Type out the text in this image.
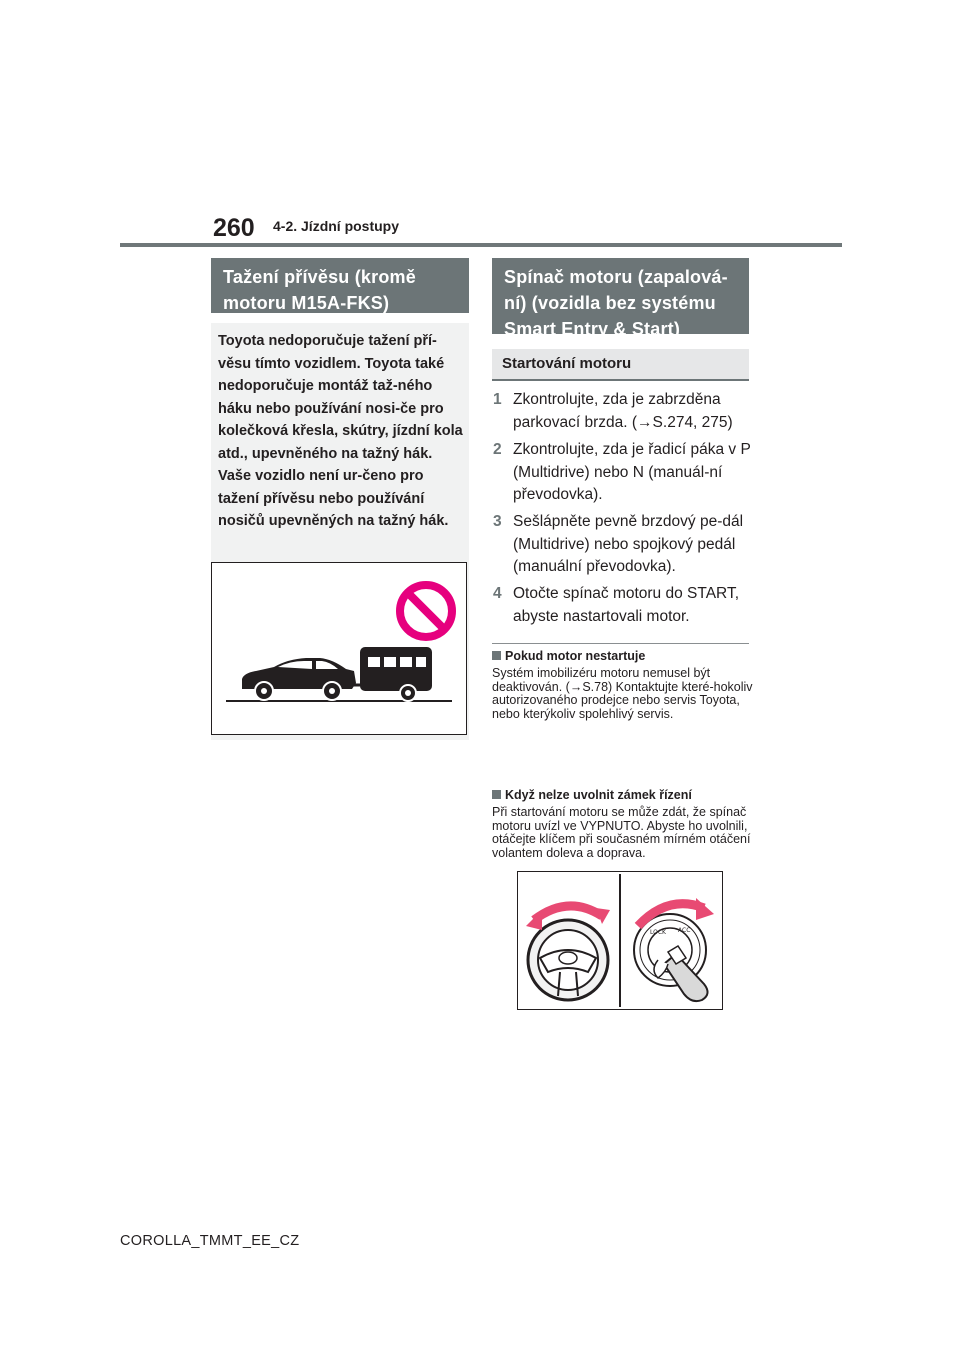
260 4-2. Jízdní postupy
Tažení přívěsu (kromě motoru M15A-FKS)
Toyota nedoporučuje tažení pří-věsu tímto vozidlem. Toyota také nedoporučuje montáž taž-ného háku nebo používání nosi-če pro kolečková křesla, skútry, jízdní kola atd., upevněného na tažný hák. Vaše vozidlo není ur-čeno pro tažení přívěsu nebo používání nosičů upevněných na tažný hák.
Spínač motoru (zapalová-ní) (vozidla bez systému Smart Entry & Start)
Startování motoru
1 Zkontrolujte, zda je zabrzděna parkovací brzda. (→S.274, 275)
2 Zkontrolujte, zda je řadicí páka v P (Multidrive) nebo N (manuál-ní převodovka).
3 Sešlápněte pevně brzdový pe-dál (Multidrive) nebo spojkový pedál (manuální převodovka).
4 Otočte spínač motoru do START, abyste nastartovali motor.
Pokud motor nestartuje
Systém imobilizéru motoru nemusel být deaktivován. (→S.78) Kontaktujte které-hokoliv autorizovaného prodejce nebo servis Toyota, nebo kterýkoliv spolehlivý servis.
Když nelze uvolnit zámek řízení
Při startování motoru se může zdát, že spínač motoru uvízl ve VYPNUTO. Abyste ho uvolnili, otáčejte klíčem při současném mírném otáčení volantem doleva a doprava.
LOCK ACC
COROLLA_TMMT_EE_CZ
